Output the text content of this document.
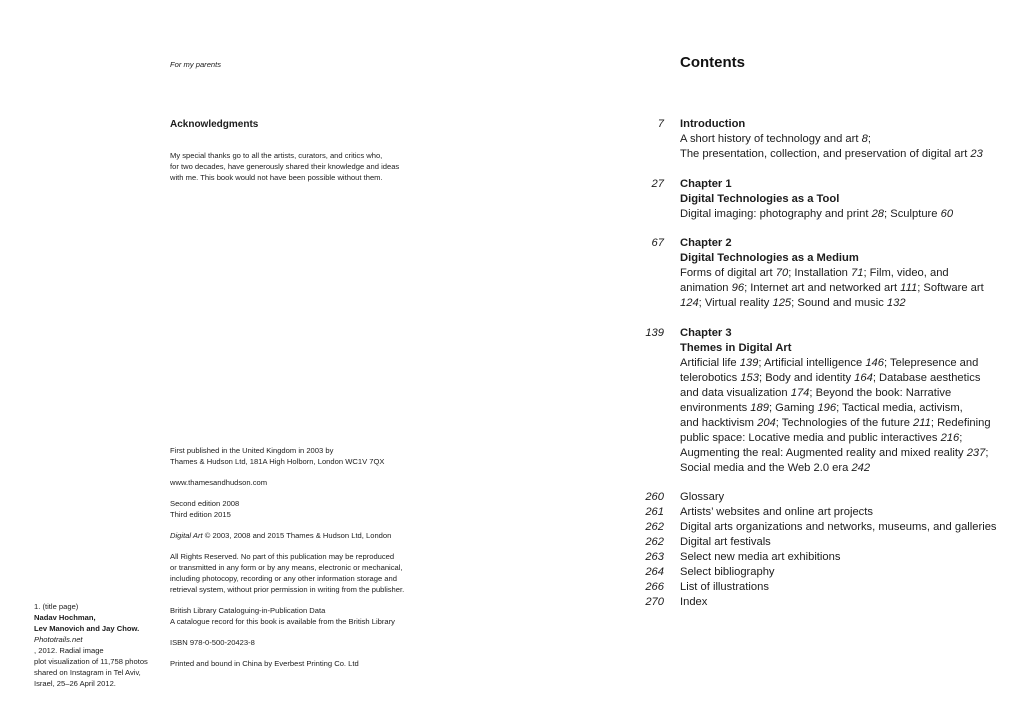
For my parents
Acknowledgments
My special thanks go to all the artists, curators, and critics who,
for two decades, have generously shared their knowledge and ideas
with me. This book would not have been possible without them.
First published in the United Kingdom in 2003 by
Thames & Hudson Ltd, 181A High Holborn, London WC1V 7QX
www.thamesandhudson.com
Second edition 2008
Third edition 2015
Digital Art © 2003, 2008 and 2015 Thames & Hudson Ltd, London
All Rights Reserved. No part of this publication may be reproduced
or transmitted in any form or by any means, electronic or mechanical,
including photocopy, recording or any other information storage and
retrieval system, without prior permission in writing from the publisher.
British Library Cataloguing-in-Publication Data
A catalogue record for this book is available from the British Library
ISBN 978-0-500-20423-8
Printed and bound in China by Everbest Printing Co. Ltd
1. (title page)
Nadav Hochman,
Lev Manovich and Jay Chow.
Phototrails.net
, 2012. Radial image
plot visualization of 11,758 photos
shared on Instagram in Tel Aviv,
Israel, 25–26 April 2012.
Contents
7	Introduction
A short history of technology and art 8;
The presentation, collection, and preservation of digital art 23
27	Chapter 1
Digital Technologies as a Tool
Digital imaging: photography and print 28; Sculpture 60
67	Chapter 2
Digital Technologies as a Medium
Forms of digital art 70; Installation 71; Film, video, and
animation 96; Internet art and networked art 111; Software art
124; Virtual reality 125; Sound and music 132
139	Chapter 3
Themes in Digital Art
Artificial life 139; Artificial intelligence 146; Telepresence and
telerobotics 153; Body and identity 164; Database aesthetics
and data visualization 174; Beyond the book: Narrative
environments 189; Gaming 196; Tactical media, activism,
and hacktivism 204; Technologies of the future 211; Redefining
public space: Locative media and public interactives 216;
Augmenting the real: Augmented reality and mixed reality 237;
Social media and the Web 2.0 era 242
260	Glossary
261	Artists’ websites and online art projects
262	Digital arts organizations and networks, museums, and galleries
262	Digital art festivals
263	Select new media art exhibitions
264	Select bibliography
266	List of illustrations
270	Index
